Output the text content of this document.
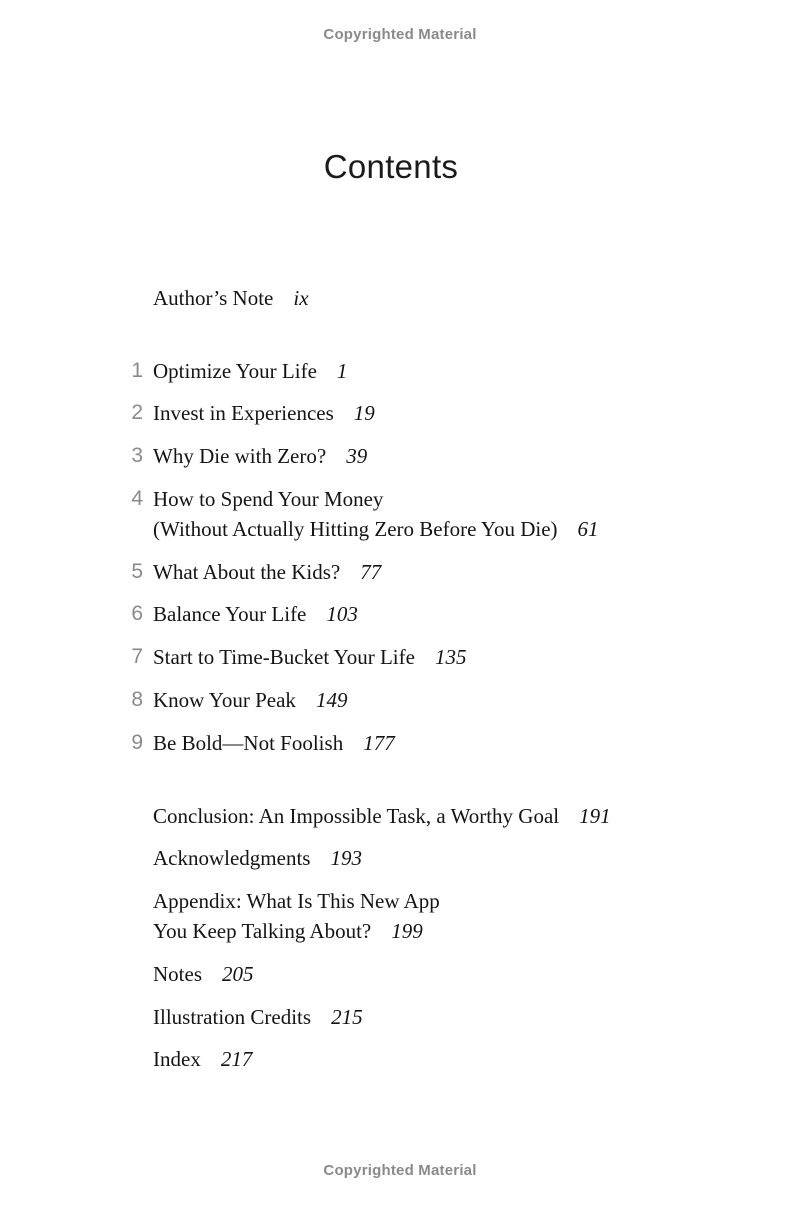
Copyrighted Material
Contents
Author’s Note ix
1 Optimize Your Life 1
2 Invest in Experiences 19
3 Why Die with Zero? 39
4 How to Spend Your Money
(Without Actually Hitting Zero Before You Die) 61
5 What About the Kids? 77
6 Balance Your Life 103
7 Start to Time-Bucket Your Life 135
8 Know Your Peak 149
9 Be Bold—Not Foolish 177
Conclusion: An Impossible Task, a Worthy Goal 191
Acknowledgments 193
Appendix: What Is This New App
You Keep Talking About? 199
Notes 205
Illustration Credits 215
Index 217
Copyrighted Material
